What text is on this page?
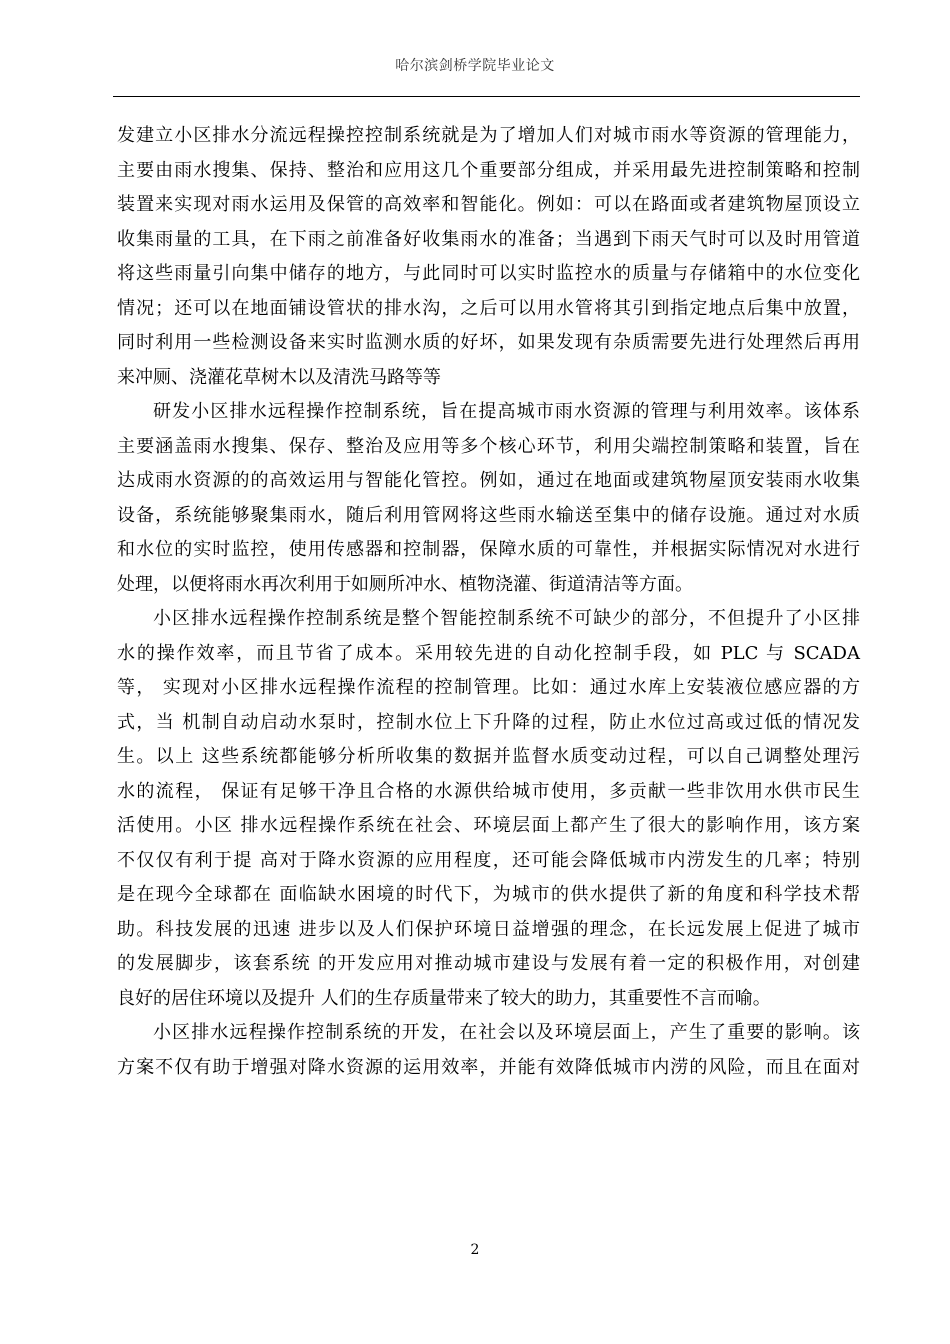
哈尔滨剑桥学院毕业论文
发建立小区排水分流远程操控控制系统就是为了增加人们对城市雨水等资源的管理能力，
主要由雨水搜集、保持、整治和应用这几个重要部分组成，并采用最先进控制策略和控制
装置来实现对雨水运用及保管的高效率和智能化。例如：可以在路面或者建筑物屋顶设立
收集雨量的工具，在下雨之前准备好收集雨水的准备；当遇到下雨天气时可以及时用管道
将这些雨量引向集中储存的地方，与此同时可以实时监控水的质量与存储箱中的水位变化
情况；还可以在地面铺设管状的排水沟，之后可以用水管将其引到指定地点后集中放置，
同时利用一些检测设备来实时监测水质的好坏，如果发现有杂质需要先进行处理然后再用
来冲厕、浇灌花草树木以及清洗马路等等
研发小区排水远程操作控制系统，旨在提高城市雨水资源的管理与利用效率。该体系
主要涵盖雨水搜集、保存、整治及应用等多个核心环节，利用尖端控制策略和装置，旨在
达成雨水资源的的高效运用与智能化管控。例如，通过在地面或建筑物屋顶安装雨水收集
设备，系统能够聚集雨水，随后利用管网将这些雨水输送至集中的储存设施。通过对水质
和水位的实时监控，使用传感器和控制器，保障水质的可靠性，并根据实际情况对水进行
处理，以便将雨水再次利用于如厕所冲水、植物浇灌、街道清洁等方面。
小区排水远程操作控制系统是整个智能控制系统不可缺少的部分，不但提升了小区排
水的操作效率，而且节省了成本。采用较先进的自动化控制手段，如 PLC 与 SCADA
等， 实现对小区排水远程操作流程的控制管理。比如：通过水库上安装液位感应器的方
式，当 机制自动启动水泵时，控制水位上下升降的过程，防止水位过高或过低的情况发
生。以上 这些系统都能够分析所收集的数据并监督水质变动过程，可以自己调整处理污
水的流程， 保证有足够干净且合格的水源供给城市使用，多贡献一些非饮用水供市民生
活使用。小区 排水远程操作系统在社会、环境层面上都产生了很大的影响作用，该方案
不仅仅有利于提 高对于降水资源的应用程度，还可能会降低城市内涝发生的几率；特别
是在现今全球都在 面临缺水困境的时代下，为城市的供水提供了新的角度和科学技术帮
助。科技发展的迅速 进步以及人们保护环境日益增强的理念，在长远发展上促进了城市
的发展脚步，该套系统 的开发应用对推动城市建设与发展有着一定的积极作用，对创建
良好的居住环境以及提升 人们的生存质量带来了较大的助力，其重要性不言而喻。
小区排水远程操作控制系统的开发，在社会以及环境层面上，产生了重要的影响。该
方案不仅有助于增强对降水资源的运用效率，并能有效降低城市内涝的风险，而且在面对
2
